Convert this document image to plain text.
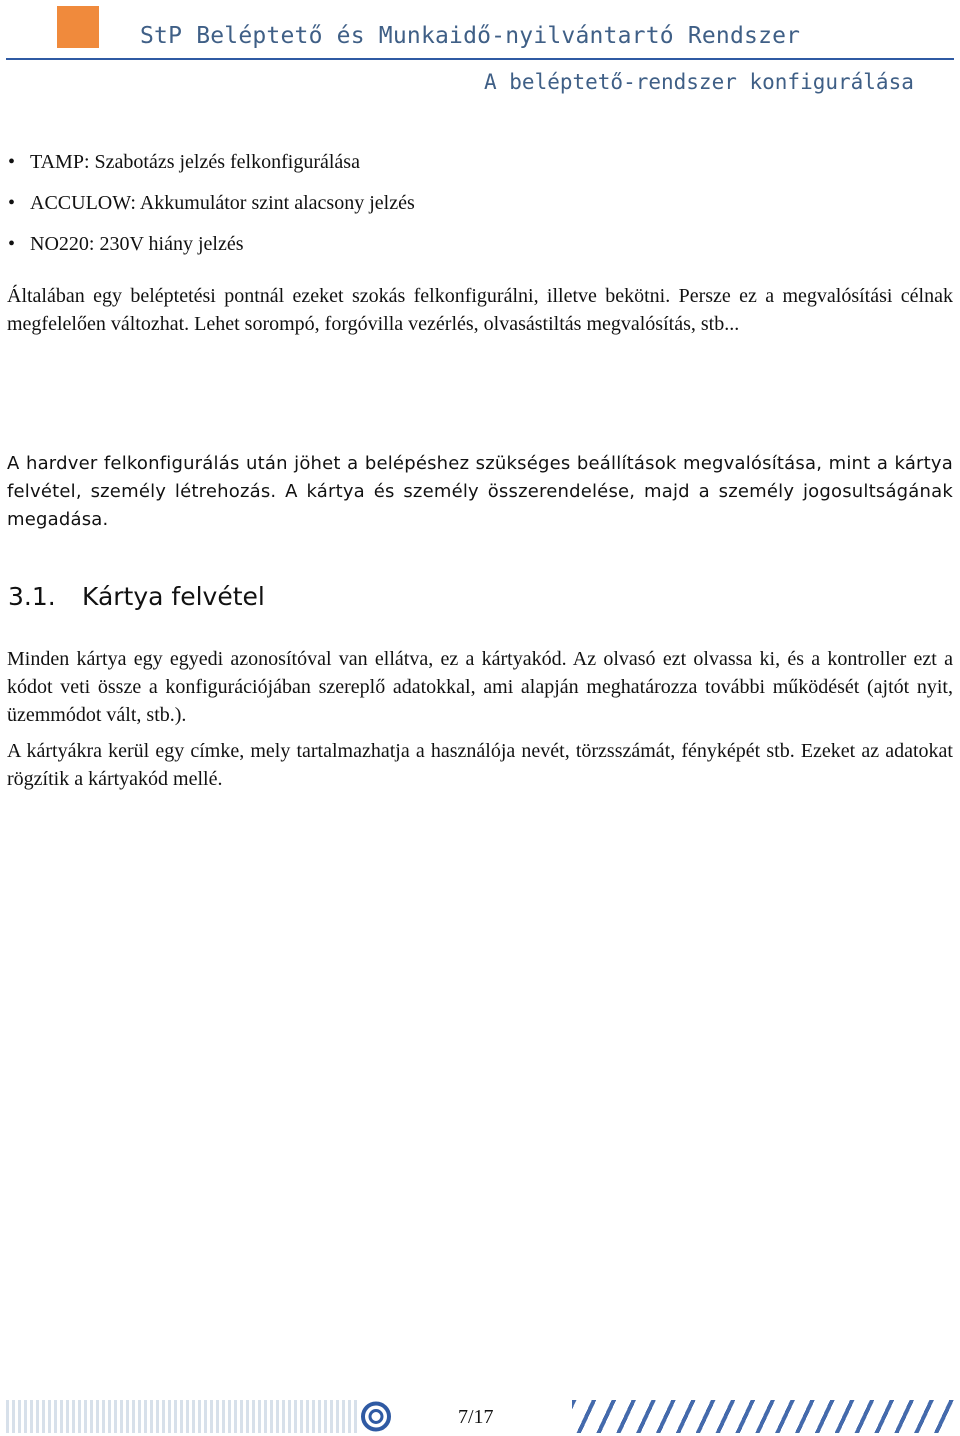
StP Beléptető és Munkaidő-nyilvántartó Rendszer
A beléptető-rendszer konfigurálása
• TAMP: Szabotázs jelzés felkonfigurálása
• ACCULOW: Akkumulátor szint alacsony jelzés
• NO220: 230V hiány jelzés

Általában egy beléptetési pontnál ezeket szokás felkonfigurálni, illetve bekötni. Persze ez a megvalósítási célnak megfelelően változhat. Lehet sorompó, forgóvilla vezérlés, olvasástiltás megvalósítás, stb...

A hardver felkonfigurálás után jöhet a belépéshez szükséges beállítások megvalósítása, mint a kártya felvétel, személy létrehozás. A kártya és személy összerendelése, majd a személy jogosultságának megadása.

3.1. Kártya felvétel

Minden kártya egy egyedi azonosítóval van ellátva, ez a kártyakód. Az olvasó ezt olvassa ki, és a kontroller ezt a kódot veti össze a konfigurációjában szereplő adatokkal, ami alapján meghatározza további működését (ajtót nyit, üzemmódot vált, stb.).

A kártyákra kerül egy címke, mely tartalmazhatja a használója nevét, törzsszámát, fényképét stb. Ezeket az adatokat rögzítik a kártyakód mellé.

7/17
